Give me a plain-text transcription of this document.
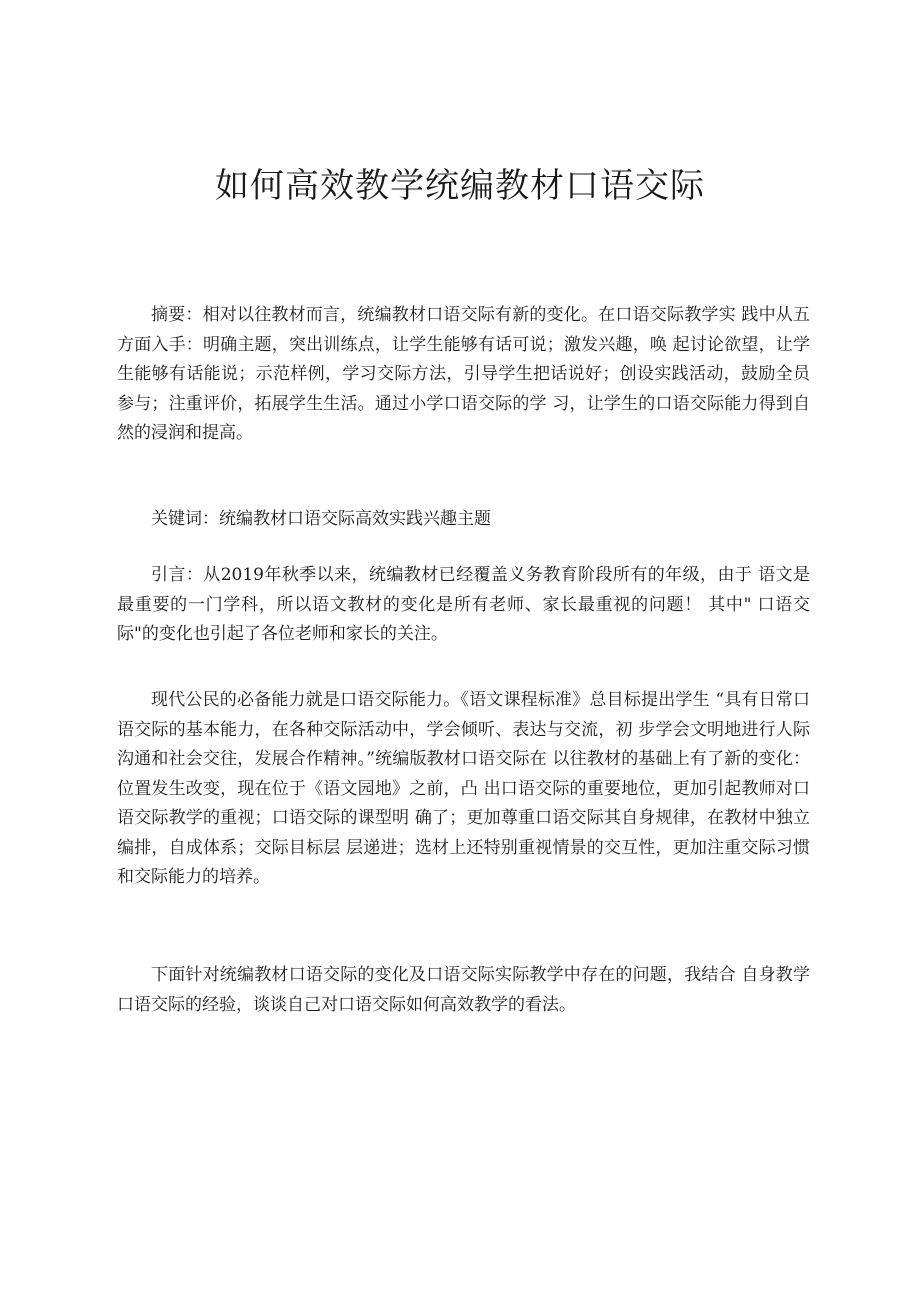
如何高效教学统编教材口语交际

摘要：相对以往教材而言，统编教材口语交际有新的变化。在口语交际教学实 践中从五方面入手：明确主题，突出训练点，让学生能够有话可说；激发兴趣，唤 起讨论欲望，让学生能够有话能说；示范样例，学习交际方法，引导学生把话说好；创设实践活动，鼓励全员参与；注重评价，拓展学生生活。通过小学口语交际的学 习，让学生的口语交际能力得到自然的浸润和提高。

关键词：统编教材口语交际高效实践兴趣主题

引言：从2019年秋季以来，统编教材已经覆盖义务教育阶段所有的年级，由于 语文是最重要的一门学科，所以语文教材的变化是所有老师、家长最重视的问题！ 其中" 口语交际"的变化也引起了各位老师和家长的关注。

现代公民的必备能力就是口语交际能力。《语文课程标准》总目标提出学生 “具有日常口语交际的基本能力，在各种交际活动中，学会倾听、表达与交流，初 步学会文明地进行人际沟通和社会交往，发展合作精神。”统编版教材口语交际在 以往教材的基础上有了新的变化：位置发生改变，现在位于《语文园地》之前，凸 出口语交际的重要地位，更加引起教师对口语交际教学的重视；口语交际的课型明 确了；更加尊重口语交际其自身规律，在教材中独立编排，自成体系；交际目标层 层递进；选材上还特别重视情景的交互性，更加注重交际习惯和交际能力的培养。

下面针对统编教材口语交际的变化及口语交际实际教学中存在的问题，我结合 自身教学口语交际的经验，谈谈自己对口语交际如何高效教学的看法。
